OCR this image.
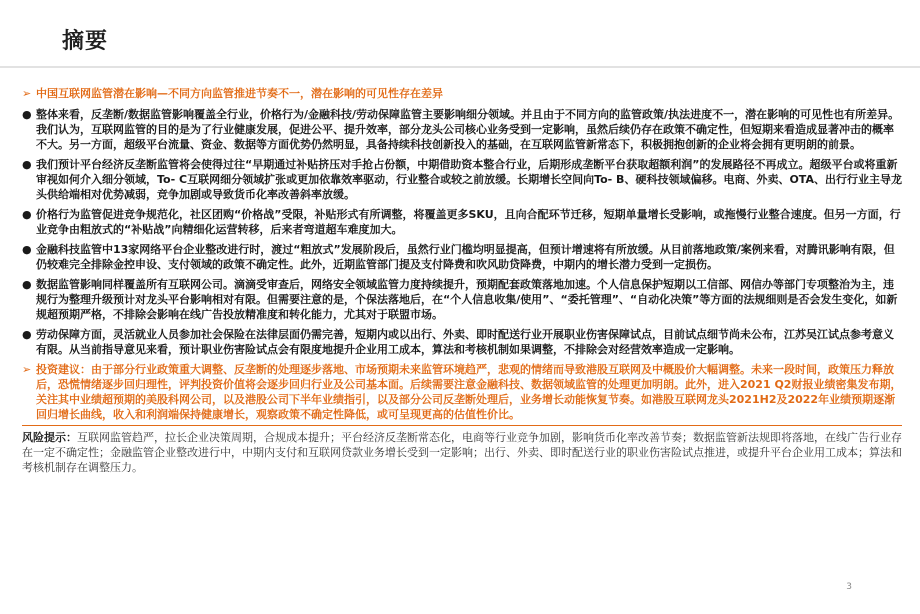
摘要
➢ 中国互联网监管潜在影响—不同方向监管推进节奏不一，潜在影响的可见性存在差异
● 整体来看，反垄断/数据监管影响覆盖全行业，价格行为/金融科技/劳动保障监管主要影响细分领域。并且由于不同方向的监管政策/执法进度不一，潜在影响的可见性也有所差异。我们认为，互联网监管的目的是为了行业健康发展，促进公平、提升效率，部分龙头公司核心业务受到一定影响，虽然后续仍存在政策不确定性，但短期来看造成显著冲击的概率不大。另一方面，超级平台流量、资金、数据等方面优势仍然明显，具备持续科技创新投入的基础，在互联网监管新常态下，积极拥抱创新的企业将会拥有更明朗的前景。
● 我们预计平台经济反垄断监管将会使得过往“早期通过补贴挤压对手抢占份额，中期借助资本整合行业，后期形成垄断平台获取超额利润”的发展路径不再成立。超级平台或将重新审视如何介入细分领域，To- C互联网细分领域扩张或更加依靠效率驱动，行业整合或较之前放缓。长期增长空间向To- B、硬科技领域偏移。电商、外卖、OTA、出行行业主导龙头供给端相对优势减弱，竞争加剧或导致货币化率改善斜率放缓。
● 价格行为监管促进竞争规范化，社区团购“价格战”受限，补贴形式有所调整，将覆盖更多SKU，且向合配环节迁移，短期单量增长受影响，或拖慢行业整合速度。但另一方面，行业竞争由粗放式的“补贴战”向精细化运营转移，后来者弯道超车难度加大。
● 金融科技监管中13家网络平台企业整改进行时，渡过“粗放式”发展阶段后，虽然行业门槛均明显提高，但预计增速将有所放缓。从目前落地政策/案例来看，对腾讯影响有限，但仍较难完全排除金控申设、支付领域的政策不确定性。此外，近期监管部门提及支付降费和吹风助贷降费，中期内的增长潜力受到一定损伤。
● 数据监管影响同样覆盖所有互联网公司。滴滴受审查后，网络安全领域监管力度持续提升，预期配套政策落地加速。个人信息保护短期以工信部、网信办等部门专项整治为主，违规行为整理升级预计对龙头平台影响相对有限。但需要注意的是，个保法落地后，在“个人信息收集/使用”、“委托管理”、“自动化决策”等方面的法规细则是否会发生变化，如新规超预期严格，不排除会影响在线广告投放精准度和转化能力，尤其对于联盟市场。
● 劳动保障方面，灵活就业人员参加社会保险在法律层面仍需完善，短期内或以出行、外卖、即时配送行业开展职业伤害保障试点，目前试点细节尚未公布，江苏吴江试点参考意义有限。从当前指导意见来看，预计职业伤害险试点会有限度地提升企业用工成本，算法和考核机制如果调整，不排除会对经营效率造成一定影响。
➢ 投资建议：由于部分行业政策重大调整、反垄断的处理逐步落地、市场预期未来监管环境趋严，悲观的情绪而导致港股互联网及中概股价大幅调整。未来一段时间，政策压力释放后，恐慌情绪逐步回归理性，评判投资价值将会逐步回归行业及公司基本面。后续需要注意金融科技、数据领域监管的处理更加明朗。此外，进入2021 Q2财报业绩密集发布期，关注其中业绩超预期的美股科网公司，以及港股公司下半年业绩指引，以及部分公司反垄断处理后，业务增长动能恢复节奏。如港股互联网龙头2021H2及2022年业绩预期逐渐回归增长曲线，收入和利润端保持健康增长，观察政策不确定性降低，或可呈现更高的估值性价比。
风险提示：互联网监管趋严，拉长企业决策周期，合规成本提升；平台经济反垄断常态化，电商等行业竞争加剧，影响货币化率改善节奏；数据监管新法规即将落地，在线广告行业存在一定不确定性；金融监管企业整改进行中，中期内支付和互联网贷款业务增长受到一定影响；出行、外卖、即时配送行业的职业伤害险试点推进，或提升平台企业用工成本；算法和考核机制存在调整压力。
3
